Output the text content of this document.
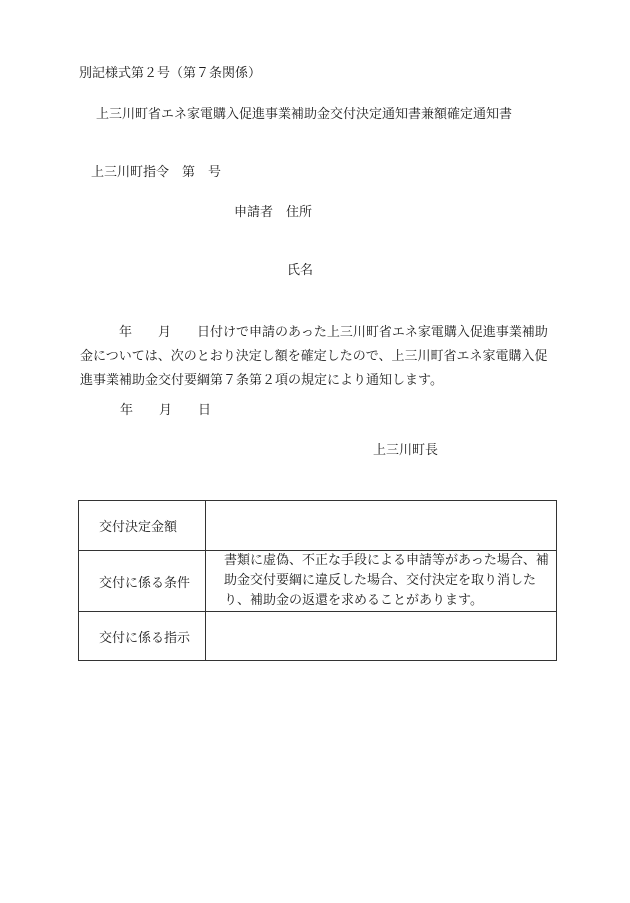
別記様式第２号（第７条関係）
上三川町省エネ家電購入促進事業補助金交付決定通知書兼額確定通知書
上三川町指令　第　号
申請者　住所
氏名
　　　年　　月　　日付けで申請のあった上三川町省エネ家電購入促進事業補助金については、次のとおり決定し額を確定したので、上三川町省エネ家電購入促進事業補助金交付要綱第７条第２項の規定により通知します。
年　　月　　日
上三川町長
交付決定金額	
交付に係る条件	書類に虚偽、不正な手段による申請等があった場合、補助金交付要綱に違反した場合、交付決定を取り消したり、補助金の返還を求めることがあります。
交付に係る指示	
